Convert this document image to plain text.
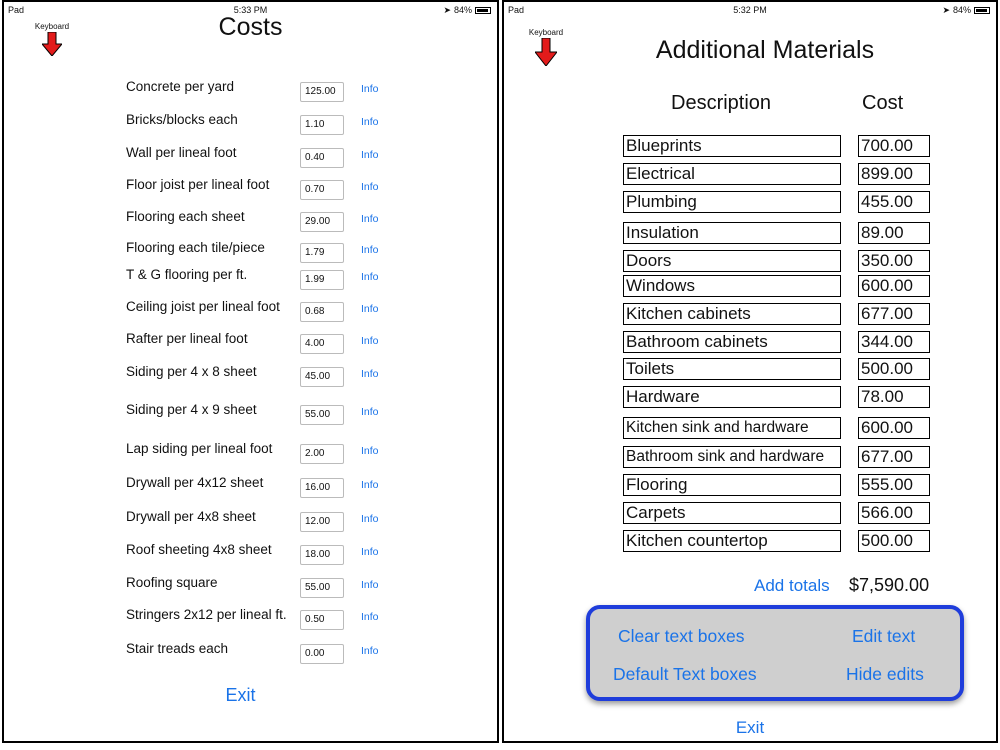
Pad	5:33 PM	➤ 84%
Keyboard	Costs
Concrete per yard	125.00	Info
Bricks/blocks each	1.10	Info
Wall per lineal foot	0.40	Info
Floor joist per lineal foot	0.70	Info
Flooring each sheet	29.00	Info
Flooring each tile/piece	1.79	Info
T & G flooring per ft.	1.99	Info
Ceiling joist per lineal foot	0.68	Info
Rafter per lineal foot	4.00	Info
Siding per 4 x 8 sheet	45.00	Info
Siding per 4 x 9 sheet	55.00	Info
Lap siding per lineal foot	2.00	Info
Drywall per 4x12 sheet	16.00	Info
Drywall per 4x8 sheet	12.00	Info
Roof sheeting 4x8 sheet	18.00	Info
Roofing square	55.00	Info
Stringers 2x12 per lineal ft.	0.50	Info
Stair treads each	0.00	Info
Exit
Pad	5:32 PM	➤ 84%
Keyboard
Additional Materials
Description	Cost
Blueprints	700.00
Electrical	899.00
Plumbing	455.00
Insulation	89.00
Doors	350.00
Windows	600.00
Kitchen cabinets	677.00
Bathroom cabinets	344.00
Toilets	500.00
Hardware	78.00
Kitchen sink and hardware	600.00
Bathroom sink and hardware	677.00
Flooring	555.00
Carpets	566.00
Kitchen countertop	500.00
Add totals $7,590.00
Clear text boxes	Edit text
Default Text boxes	Hide edits
Exit
